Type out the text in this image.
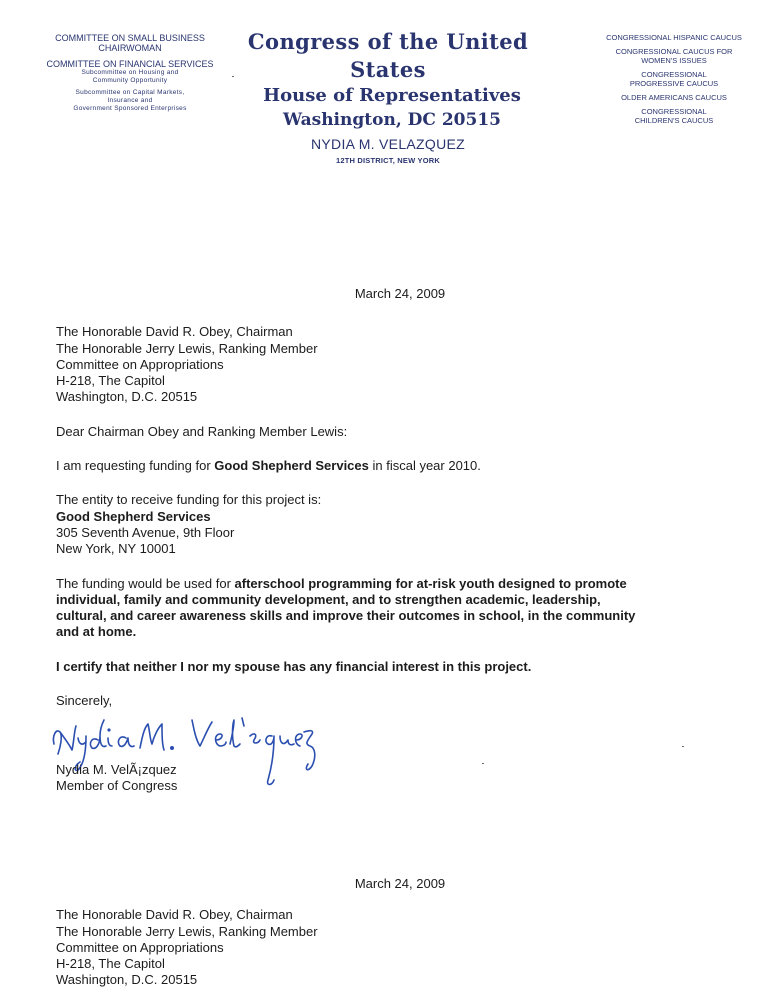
COMMITTEE ON SMALL BUSINESS
CHAIRWOMAN
COMMITTEE ON FINANCIAL SERVICES
Subcommittee on Housing and
Community Opportunity
Subcommittee on Capital Markets,
Insurance and
Government Sponsored Enterprises
Congress of the United States
House of Representatives
Washington, DC 20515
NYDIA M. VELAZQUEZ
12TH DISTRICT, NEW YORK
CONGRESSIONAL HISPANIC CAUCUS
CONGRESSIONAL CAUCUS FOR
WOMEN'S ISSUES
CONGRESSIONAL
PROGRESSIVE CAUCUS
OLDER AMERICANS CAUCUS
CONGRESSIONAL
CHILDREN'S CAUCUS
March 24, 2009
The Honorable David R. Obey, Chairman
The Honorable Jerry Lewis, Ranking Member
Committee on Appropriations
H-218, The Capitol
Washington, D.C. 20515
Dear Chairman Obey and Ranking Member Lewis:
I am requesting funding for Good Shepherd Services in fiscal year 2010.
The entity to receive funding for this project is:
Good Shepherd Services
305 Seventh Avenue, 9th Floor
New York, NY 10001
The funding would be used for afterschool programming for at-risk youth designed to promote
individual, family and community development, and to strengthen academic, leadership,
cultural, and career awareness skills and improve their outcomes in school, in the community
and at home.
I certify that neither I nor my spouse has any financial interest in this project.
Sincerely,
Nydia M. VelÃ¡zquez
Member of Congress
March 24, 2009
The Honorable David R. Obey, Chairman
The Honorable Jerry Lewis, Ranking Member
Committee on Appropriations
H-218, The Capitol
Washington, D.C. 20515
